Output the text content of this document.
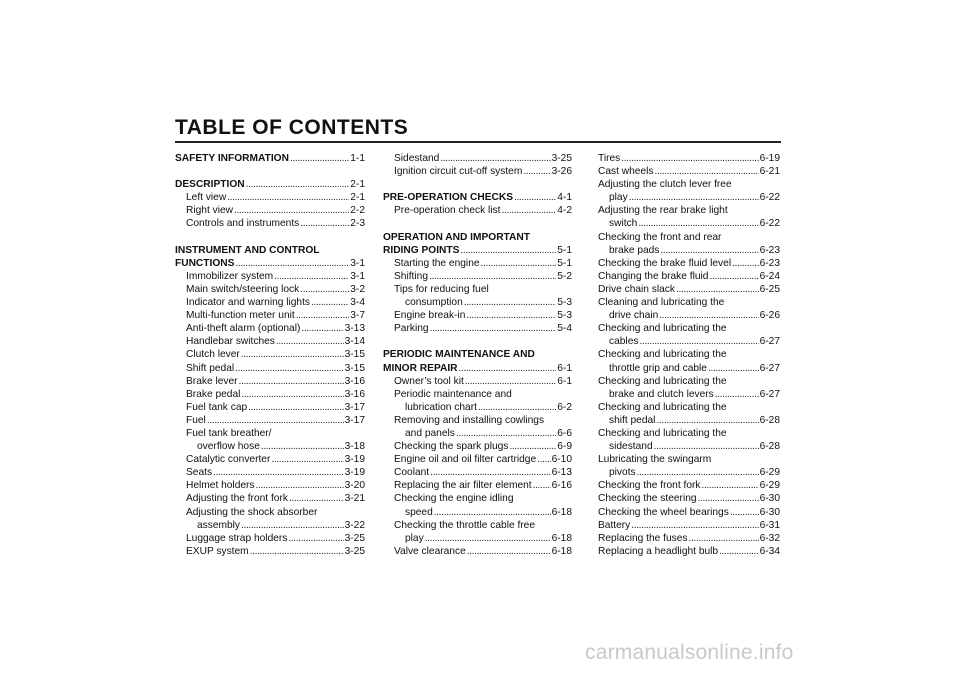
TABLE OF CONTENTS
SAFETY INFORMATION . . .	1-1
DESCRIPTION . . .	2-1
Left view . . .	2-1
Right view . . .	2-2
Controls and instruments . . .	2-3
INSTRUMENT AND CONTROL
FUNCTIONS . . .	3-1
Immobilizer system . . .	3-1
Main switch/steering lock . . .	3-2
Indicator and warning lights . . .	3-4
Multi-function meter unit . . .	3-7
Anti-theft alarm (optional) . . .	3-13
Handlebar switches . . .	3-14
Clutch lever . . .	3-15
Shift pedal . . .	3-15
Brake lever . . .	3-16
Brake pedal . . .	3-16
Fuel tank cap . . .	3-17
Fuel . . .	3-17
Fuel tank breather/
overflow hose . . .	3-18
Catalytic converter . . .	3-19
Seats . . .	3-19
Helmet holders . . .	3-20
Adjusting the front fork . . .	3-21
Adjusting the shock absorber
assembly . . .	3-22
Luggage strap holders . . .	3-25
EXUP system . . .	3-25
Sidestand . . .	3-25
Ignition circuit cut-off system . . .	3-26
PRE-OPERATION CHECKS . . .	4-1
Pre-operation check list . . .	4-2
OPERATION AND IMPORTANT
RIDING POINTS . . .	5-1
Starting the engine . . .	5-1
Shifting . . .	5-2
Tips for reducing fuel
consumption . . .	5-3
Engine break-in . . .	5-3
Parking . . .	5-4
PERIODIC MAINTENANCE AND
MINOR REPAIR . . .	6-1
Owner’s tool kit . . .	6-1
Periodic maintenance and
lubrication chart . . .	6-2
Removing and installing cowlings
and panels . . .	6-6
Checking the spark plugs . . .	6-9
Engine oil and oil filter cartridge . . . 6-10
Coolant . . .	6-13
Replacing the air filter element . . . 6-16
Checking the engine idling
speed . . .	6-18
Checking the throttle cable free
play . . .	6-18
Valve clearance . . .	6-18
Tires . . .	6-19
Cast wheels . . .	6-21
Adjusting the clutch lever free
play . . .	6-22
Adjusting the rear brake light
switch . . .	6-22
Checking the front and rear
brake pads . . .	6-23
Checking the brake fluid level . . .	6-23
Changing the brake fluid . . .	6-24
Drive chain slack . . .	6-25
Cleaning and lubricating the
drive chain . . .	6-26
Checking and lubricating the
cables . . .	6-27
Checking and lubricating the
throttle grip and cable . . .	6-27
Checking and lubricating the
brake and clutch levers . . .	6-27
Checking and lubricating the
shift pedal . . .	6-28
Checking and lubricating the
sidestand . . .	6-28
Lubricating the swingarm
pivots . . .	6-29
Checking the front fork . . .	6-29
Checking the steering . . .	6-30
Checking the wheel bearings . . .	6-30
Battery . . .	6-31
Replacing the fuses . . .	6-32
Replacing a headlight bulb . . .	6-34
carmanualsonline.info
